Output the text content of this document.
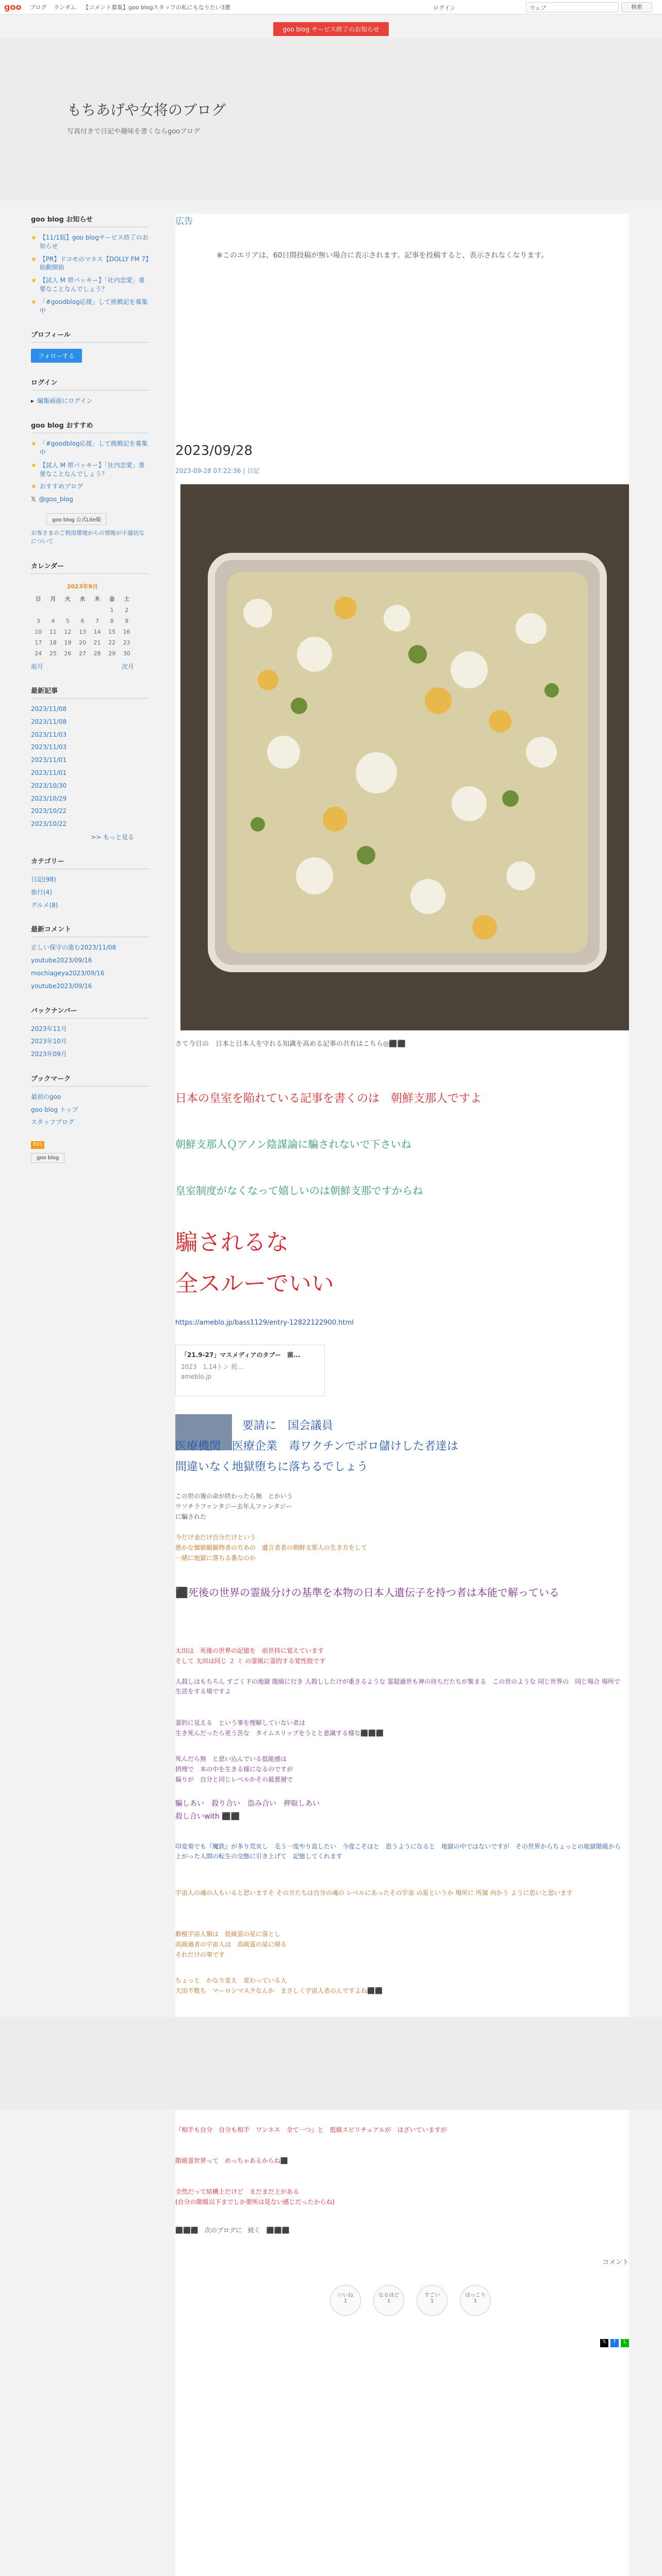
goo ブログ ランダム 【コメント募集】goo blogスタッフの私にもなりたい3選	ログイン	ウェブ	検索
goo blog サービス終了のお知らせ
もちあげや女将のブログ

写真付きで日記や趣味を書くならgooブログ

goo blog お知らせ
★ 【11/1版】goo blogサービス終了のお知らせ
★ 【PR】ドコモのマネス【DOLLY FM 7】始動開始
★ 【試人 M 帯パッキー】「社内恋愛」重要なことなんでしょう？
★ 「#goodblog応援」して挑戦記を募集中
プロフィール
フォローする
ログイン
▸ 編集画面にログイン
goo blog おすすめ
★ 「#goodblog応援」して挑戦記を募集中
★ 【試人 M 帯パッキー】「社内恋愛」重要なことなんでしょう？
★ おすすめブログ
𝕏 @goo_blog
goo blog 公式Lite版
お客さまのご利用環境からの情報が不適切なについて
カレンダー
2023年9月
日	月	火	水	木	金	土
					1	2
3	4	5	6	7	8	9
10	11	12	13	14	15	16
17	18	19	20	21	22	23
24	25	26	27	28	29	30
前月	次月
最新記事
2023/11/08
2023/11/08
2023/11/03
2023/11/03
2023/11/01
2023/11/01
2023/10/30
2023/10/29
2023/10/22
2023/10/22
>> もっと見る
カテゴリー
日記(98)
旅行(4)
グルメ(8)
最新コメント
正しい保守の進む2023/11/08
youtube2023/09/16
mochiageya2023/09/16
youtube2023/09/16
バックナンバー
2023年11月
2023年10月
2023年09月
ブックマーク
最初のgoo
goo blog トップ
スタッフブログ
RSS
goo blog
広告
※このエリアは、60日間投稿が無い場合に表示されます。記事を投稿すると、表示されなくなります。
2023/09/28
2023-09-28 07:22:36 | 日記
さて今日の　日本と日本人を守れる知識を高める記事の共有はこちら◎⬛⬛
日本の皇室を陥れている記事を書くのは　朝鮮支那人ですよ
朝鮮支那人Ｑアノン陰謀論に騙されないで下さいね
皇室制度がなくなって嬉しいのは朝鮮支那ですからね
騙されるな
全スルーでいい
https://ameblo.jp/bass1129/entry-12822122900.html
「21.9-27」マスメディアのタブー　菌...
2023　1,14トン 掲...
ameblo.jp
要請に　国会議員
医療機関　医療企業　毒ワクチンでボロ儲けした者達は
間違いなく地獄堕ちに落ちるでしょう
この世の後の命が終わったら無　とかいう
ウソチラファンタジー去年人ファンタジー
に騙された
今だけ金だけ自分だけという
愚かな価値観観物者の方あの　遺言者者の朝鮮支那人の生き方をして
一緒に地獄に落ちる番なのか
⬛死後の世界の霊級分けの基準を本物の日本人遺伝子を持つ者は本能で解っている
太田は　死後の世界の記憶を　前世持に覚えています
そして 太田は同じ ２ ミ の霊級に霊的する覚性肢です
人殺しはもちろん すごく下の地獄 階級に行き 人殺ししたけが重さるような 霊超過世も神の待ちだたちが集まる　この世のような 同じ世界の　同じ場合 場所で 生活をする場ですよ
霊的に見える　という事を理解していない者は
生き死んだったら更う苦な　タイムスリップをうとと意識する様な⬛⬛⬛
死んだら無　と思い込んでいる低能感は
摂理で　本の中を生きる様になるのですが
偏りが　自分と同じレベルかその最悪層で
騙しあい　殺り合い　盗み合い　押取しあい
殺し合いwith ⬛⬛
印変奏でも『魔鉄』が多り荒亥し　毛う一度やり直したい　今度こそはと　思うようになると　地獄の中ではないですが　その世界からちょっとの地獄階級から上がった人間の転生の交態に引き上げて　記憶してくれます
宇宙人の魂の人もいると思いますそ その方たちは自分の魂の レベルにあったその宇宙 の星というか 場所に 所属 向かう ように思いと思います
動植字宙人類は　低級霊の星に落とし
高級過者の宇宙人は　高級霊の星に帰る
それだけの事です
ちょっと　かなり変え　変わっている人
大田不数ち　マーロンマスクなんか　まさしく宇宙人者のんですよね⬛⬛
『相手も自分　自分も相手　ワンネス　全て一つ』と　低級スピリチュアルが　ほざいていますが
階級霊世界って　めっちゃあるからね⬛
全然だって結構上だけど　まだまだ上がある
(自分の階級以下までしか要所は見ない感じだったからね)
⬛⬛⬛　次のブログに　続く　⬛⬛⬛
コメント
いいね
1
なるほど
1
すごい
1
ほっこり
1
𝕏	f	L
